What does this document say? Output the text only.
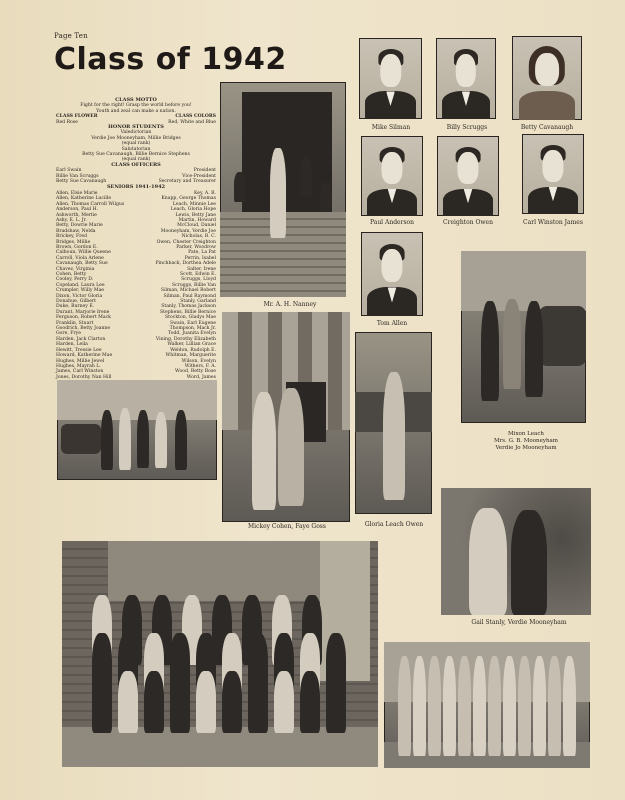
Page Ten
Class of 1942
CLASS MOTTO
Fight for the right! Grasp the world before you!
Youth and zeal can make a nation.
CLASS FLOWER	CLASS COLORS
Red Rose	Red, White and Blue
HONOR STUDENTS
Valedictorian
Verdie Joe Mooneyham, Millie Bridges
(equal rank)
Salutatorian
Betty Sue Cavanaugh, Billie Bernice Stephens
(equal rank)
CLASS OFFICERS
Earl Swain	President
Billie Van Scruggs	Vice-President
Betty Sue Cavanaugh	Secretary and Treasurer
SENIORS 1941-1942
Allen, Elsie Marie
Allen, Katherine Lucille
Allen, Thomas Carroll Wilgus
Anderson, Paul H.
Ashworth, Mertie
Ashy, E. L. Jr.
Betty, Dowrie Marie
Bradshaw, Nelda
Brickey, Fred
Bridges, Millie
Brown, Gordon E.
Calhoun, Willie Queene
Carroll, Viola Arlene
Cavanaugh, Betty Sue
Chavez, Virginia
Cohen, Betty
Cooley, Perry D.
Copeland, Laura Lee
Crumpler, Willy Mae
Dixon, Victor Gloria
Donahue, Gilbert
Duke, Burney E.
Durant, Marjorie Irene
Ferguson, Robert Mack
Franklin, Stuart
Goodrich, Betty Joanne
Gore, Frye
Harden, Jack Clarton
Harden, Leila
Hewitt, Tressie Lee
Howard, Katherine Mae
Hughes, Millie Jewel
Hughes, Mayrah L.
James, Carl Winston
Jones, Dorothy Nan Hill
Key, A. B.
Knapp, George Thomas
Leach, Minnie Lee
Leach, Gloria Hope
Lewis, Betty Jane
Martin, Howard
McCloud, Daniel
Mooneyham, Verdie Joe
Nicholas, B. C.
Owen, Chester Creighton
Parker, Woodrow
Pate, La Pat
Perrin, Isabel
Pinchback, Dorthea Adele
Salter, Irene
Scott, Edwin E.
Scruggs, Lloyd
Scruggs, Billie Van
Silman, Michael Robert
Silman, Paul Raymond
Stanly, Garland
Stanly, Thomas Jackson
Stephens, Billie Bernice
Stockton, Gladys Mae
Swain, Earl Eugene
Thompson, Mack Jr.
Todd, Juanita Evelyn
Vining, Dorothy Elizabeth
Walker, Lillian Grace
Weldon, Rudolph E.
Whitman, Marguerite
Wilson, Evelyn
Withers, F. A.
Wood, Betty Rose
Word, James
Mr. A. H. Nanney
Mike Silman	Billy Scruggs	Betty Cavanaugh
Paul Anderson	Creighton Owen	Carl Winston James
Tom Allen
Mixon Leach
Mrs. G. B. Mooneyham
Verdie Jo Mooneyham
Mickey Cohen, Faye Goss	Gloria Leach Owen
Gail Stanly, Verdie Mooneyham
